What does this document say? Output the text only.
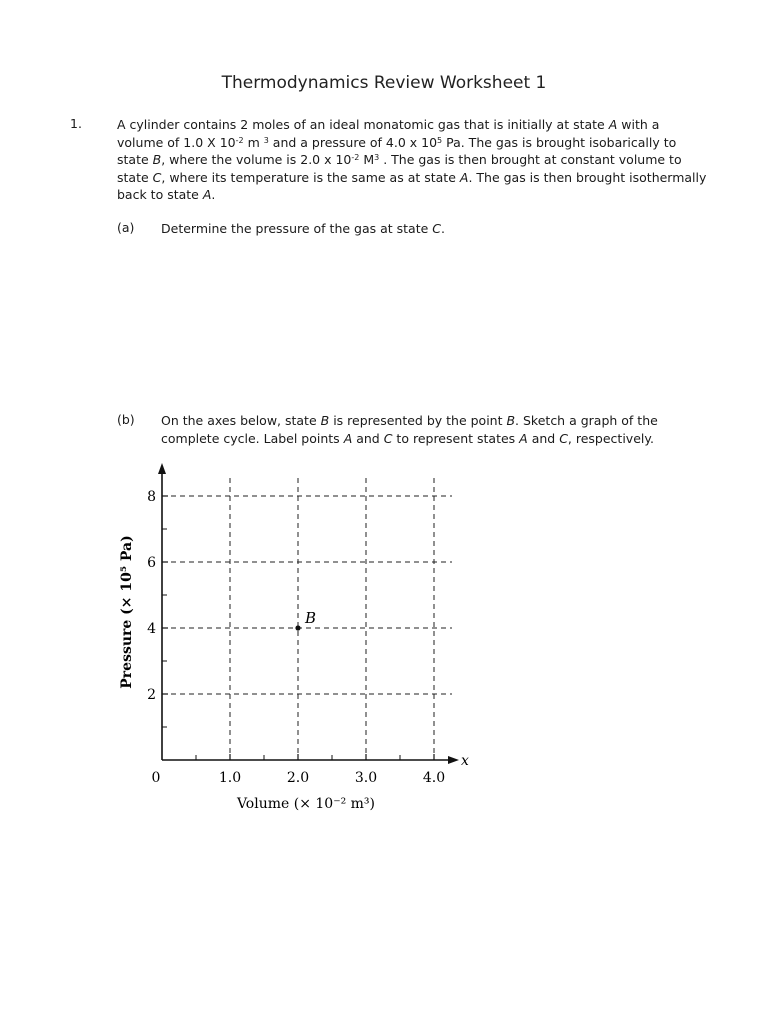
Thermodynamics Review Worksheet 1
1.	A cylinder contains 2 moles of an ideal monatomic gas that is initially at state A with a volume of 1.0 X $10^{-2}$ m $^3$ and a pressure of 4.0 x $10^5$ Pa. The gas is brought isobarically to state B, where the volume is 2.0 x $10^{-2}$ $M^3$ . The gas is then brought at constant volume to state C, where its temperature is the same as at state A. The gas is then brought isothermally back to state A.
(a) Determine the pressure of the gas at state C.
(b) On the axes below, state B is represented by the point B. Sketch a graph of the complete cycle. Label points A and C to represent states A and C, respectively.
1.0	2.0	3.0	4.0
2
4
6
8
x
0
Volume (× 10⁻² m³)
Pressure (× 10⁵ Pa)	B
